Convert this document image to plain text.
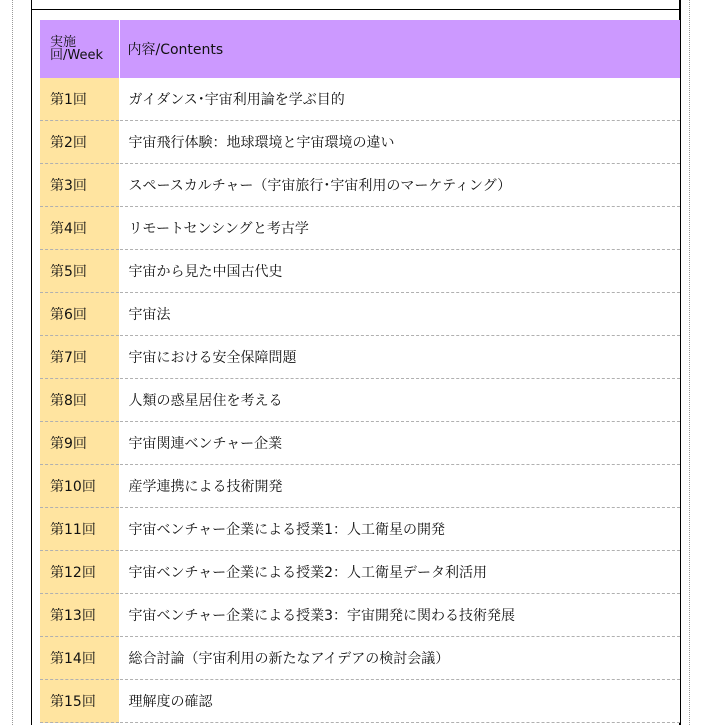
実施
回/Week	内容/Contents
第1回	ガイダンス･宇宙利用論を学ぶ目的
第2回	宇宙飛行体験：地球環境と宇宙環境の違い
第3回	スペースカルチャー（宇宙旅行･宇宙利用のマーケティング）
第4回	リモートセンシングと考古学
第5回	宇宙から見た中国古代史
第6回	宇宙法
第7回	宇宙における安全保障問題
第8回	人類の惑星居住を考える
第9回	宇宙関連ベンチャー企業
第10回	産学連携による技術開発
第11回	宇宙ベンチャー企業による授業1：人工衛星の開発
第12回	宇宙ベンチャー企業による授業2：人工衛星データ利活用
第13回	宇宙ベンチャー企業による授業3：宇宙開発に関わる技術発展
第14回	総合討論（宇宙利用の新たなアイデアの検討会議）
第15回	理解度の確認
